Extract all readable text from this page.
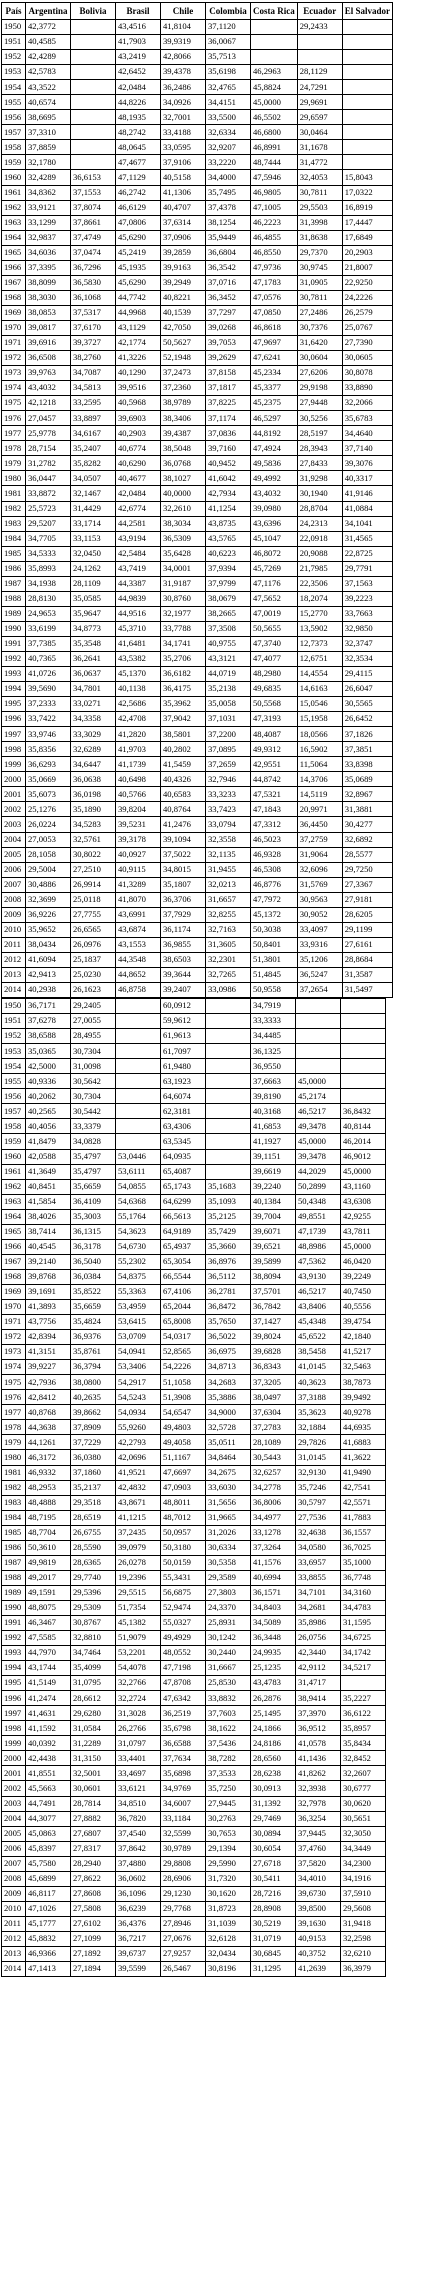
País	Argentina	Bolivia	Brasil	Chile	Colombia	Costa Rica	Ecuador	El Salvador
1950	42,3772		43,4516	41,8104	37,1120		29,2433	
1951	40,4585		41,7903	39,9319	36,0067			
1952	42,4289		43,2419	42,8066	35,7513			
1953	42,5783		42,6452	39,4378	35,6198	46,2963	28,1129	
1954	43,3522		42,0484	36,2486	32,4765	45,8824	24,7291	
1955	40,6574		44,8226	34,0926	34,4151	45,0000	29,9691	
1956	38,6695		48,1935	32,7001	33,5500	46,5502	29,6597	
1957	37,3310		48,2742	33,4188	32,6334	46,6800	30,0464	
1958	37,8859		48,0645	33,0595	32,9207	46,8991	31,1678	
1959	32,1780		47,4677	37,9106	33,2220	48,7444	31,4772	
1960	32,4289	36,6153	47,1129	40,5158	34,4000	47,5946	32,4053	15,8043
1961	34,8362	37,1553	46,2742	41,1306	35,7495	46,9805	30,7811	17,0322
1962	33,9121	37,8074	46,6129	40,4707	37,4378	47,1005	29,5503	16,8919
1963	33,1299	37,8661	47,0806	37,6314	38,1254	46,2223	31,3998	17,4447
1964	32,9837	37,4749	45,6290	37,0906	35,9449	46,4855	31,8638	17,6849
1965	34,6036	37,0474	45,2419	39,2859	36,6804	46,8550	29,7370	20,2903
1966	37,3395	36,7296	45,1935	39,9163	36,3542	47,9736	30,9745	21,8007
1967	38,8099	36,5830	45,6290	39,2949	37,0716	47,1783	31,0905	22,9250
1968	38,3030	36,1068	44,7742	40,8221	36,3452	47,0576	30,7811	24,2226
1969	38,0853	37,5317	44,9968	40,1539	37,7297	47,0850	27,2486	26,2579
1970	39,0817	37,6170	43,1129	42,7050	39,0268	46,8618	30,7376	25,0767
1971	39,6916	39,3727	42,1774	50,5627	39,7053	47,9697	31,6420	27,7390
1972	36,6508	38,2760	41,3226	52,1948	39,2629	47,6241	30,0604	30,0605
1973	39,9763	34,7087	40,1290	37,2473	37,8158	45,2334	27,6206	30,8078
1974	43,4032	34,5813	39,9516	37,2360	37,1817	45,3377	29,9198	33,8890
1975	42,1218	33,2595	40,5968	38,9789	37,8225	45,2375	27,9448	32,2066
1976	27,0457	33,8897	39,6903	38,3406	37,1174	46,5297	30,5256	35,6783
1977	25,9778	34,6167	40,2903	39,4387	37,0836	44,8192	28,5197	34,4640
1978	28,7154	35,2407	40,6774	38,5048	39,7160	47,4924	28,3943	37,7140
1979	31,2782	35,8282	40,6290	36,0768	40,9452	49,5836	27,8433	39,3076
1980	36,0447	34,0507	40,4677	38,1027	41,6042	49,4992	31,9298	40,3317
1981	33,8872	32,1467	42,0484	40,0000	42,7934	43,4032	30,1940	41,9146
1982	25,5723	31,4429	42,6774	32,2610	41,1254	39,0980	28,8704	41,0884
1983	29,5207	33,1714	44,2581	38,3034	43,8735	43,6396	24,2313	34,1041
1984	34,7705	33,1153	43,9194	36,5309	43,5765	45,1047	22,0918	31,4565
1985	34,5333	32,0450	42,5484	35,6428	40,6223	46,8072	20,9088	22,8725
1986	35,8993	24,1262	43,7419	34,0001	37,9394	45,7269	21,7985	29,7791
1987	34,1938	28,1109	44,3387	31,9187	37,9799	47,1176	22,3506	37,1563
1988	28,8130	35,0585	44,9839	30,8760	38,0679	47,5652	18,2074	39,2223
1989	24,9653	35,9647	44,9516	32,1977	38,2665	47,0019	15,2770	33,7663
1990	33,6199	34,8773	45,3710	33,7788	37,3508	50,5655	13,5902	32,9850
1991	37,7385	35,3548	41,6481	34,1741	40,9755	47,3740	12,7373	32,3747
1992	40,7365	36,2641	43,5382	35,2706	43,3121	47,4077	12,6751	32,3534
1993	41,0726	36,0637	45,1370	36,6182	44,0719	48,2980	14,4554	29,4115
1994	39,5690	34,7801	40,1138	36,4175	35,2138	49,6835	14,6163	26,6047
1995	37,2333	33,0271	42,5686	35,3962	35,0058	50,5568	15,0546	30,5565
1996	33,7422	34,3358	42,4708	37,9042	37,1031	47,3193	15,1958	26,6452
1997	33,9746	33,3029	41,2820	38,5801	37,2200	48,4087	18,0566	37,1826
1998	35,8356	32,6289	41,9703	40,2802	37,0895	49,9312	16,5902	37,3851
1999	36,6293	34,6447	41,1739	41,5459	37,2659	42,9551	11,5064	33,8398
2000	35,0669	36,0638	40,6498	40,4326	32,7946	44,8742	14,3706	35,0689
2001	35,6073	36,0198	40,5766	40,6583	33,3233	47,5321	14,5119	32,8967
2002	25,1276	35,1890	39,8204	40,8764	33,7423	47,1843	20,9971	31,3881
2003	26,0224	34,5283	39,5231	41,2476	33,0794	47,3312	36,4450	30,4277
2004	27,0053	32,5761	39,3178	39,1094	32,3558	46,5023	37,2759	32,6892
2005	28,1058	30,8022	40,0927	37,5022	32,1135	46,9328	31,9064	28,5577
2006	29,5004	27,2510	40,9115	34,8015	31,9455	46,5308	32,6096	29,7250
2007	30,4886	26,9914	41,3289	35,1807	32,0213	46,8776	31,5769	27,3367
2008	32,3699	25,0118	41,8070	36,3706	31,6657	47,7972	30,9563	27,9181
2009	36,9226	27,7755	43,6991	37,7929	32,8255	45,1372	30,9052	28,6205
2010	35,9652	26,6565	43,6874	36,1174	32,7163	50,3038	33,4097	29,1199
2011	38,0434	26,0976	43,1553	36,9855	31,3605	50,8401	33,9316	27,6161
2012	41,6094	25,1837	44,3548	38,6503	32,2301	51,3801	35,1206	28,8684
2013	42,9413	25,0230	44,8652	39,3644	32,7265	51,4845	36,5247	31,3587
2014	40,2938	26,1623	46,8758	39,2407	33,0986	50,9558	37,2654	31,5497
1950	36,7171	29,2405		60,0912		34,7919		
1951	37,6278	27,0055		59,9612		33,3333		
1952	38,6588	28,4955		61,9613		34,4485		
1953	35,0365	30,7304		61,7097		36,1325		
1954	42,5000	31,0098		61,9480		36,9550		
1955	40,9336	30,5642		63,1923		37,6663	45,0000	
1956	40,2062	30,7304		64,6074		39,8190	45,2174	
1957	40,2565	30,5442		62,3181		40,3168	46,5217	36,8432
1958	40,4056	33,3379		63,4306		41,6853	49,3478	40,8144
1959	41,8479	34,0828		63,5345		41,1927	45,0000	46,2014
1960	42,0588	35,4797	53,0446	64,0935		39,1151	39,3478	46,9012
1961	41,3649	35,4797	53,6111	65,4087		39,6619	44,2029	45,0000
1962	40,8451	35,6659	54,0855	65,1743	35,1683	39,2240	50,2899	43,1160
1963	41,5854	36,4109	54,6368	64,6299	35,1093	40,1384	50,4348	43,6308
1964	38,4026	35,3003	55,1764	66,5613	35,2125	39,7004	49,8551	42,9255
1965	38,7414	36,1315	54,3623	64,9189	35,7429	39,6071	47,1739	43,7811
1966	40,4545	36,3178	54,6730	65,4937	35,3660	39,6521	48,8986	45,0000
1967	39,2140	36,5040	55,2302	65,3054	36,8976	39,5899	47,5362	46,0420
1968	39,8768	36,0384	54,8375	66,5544	36,5112	38,8094	43,9130	39,2249
1969	39,1691	35,8522	55,3363	67,4106	36,2781	37,5701	46,5217	40,7450
1970	41,3893	35,6659	53,4959	65,2044	36,8472	36,7842	43,8406	40,5556
1971	43,7756	35,4824	53,6415	65,8008	35,7650	37,1427	45,4348	39,4754
1972	42,8394	36,9376	53,0709	54,0317	36,5022	39,8024	45,6522	42,1840
1973	41,3151	35,8761	54,0941	52,8565	36,6975	39,6828	38,5458	41,5217
1974	39,9227	36,3794	53,3406	54,2226	34,8713	36,8343	41,0145	32,5463
1975	42,7936	38,0800	54,2917	51,1058	34,2683	37,3205	40,3623	38,7873
1976	42,8412	40,2635	54,5243	51,3908	35,3886	38,0497	37,3188	39,9492
1977	40,8768	39,8662	54,0934	54,6547	34,9000	37,6304	35,3623	40,9278
1978	44,3638	37,8909	55,9260	49,4803	32,5728	37,2783	32,1884	44,6935
1979	44,1261	37,7229	42,2793	49,4058	35,0511	28,1089	29,7826	41,6883
1980	46,3172	36,0380	42,0696	51,1167	34,8464	30,5443	31,0145	41,3622
1981	46,9332	37,1860	41,9521	47,6697	34,2675	32,6257	32,9130	41,9490
1982	48,2953	35,2137	42,4832	47,0903	33,6030	34,2778	35,7246	42,7541
1983	48,4888	29,3518	43,8671	48,8011	31,5656	36,8006	30,5797	42,5571
1984	48,7195	28,6519	41,1215	48,7012	31,9665	34,4977	27,7536	41,7883
1985	48,7704	26,6755	37,2435	50,0957	31,2026	33,1278	32,4638	36,1557
1986	50,3610	28,5590	39,0979	50,3180	30,6334	37,3264	34,0580	36,7025
1987	49,9819	28,6365	26,0278	50,0159	30,5358	41,1576	33,6957	35,1000
1988	49,2017	29,7740	19,2396	55,3431	29,3589	40,6994	33,8855	36,7748
1989	49,1591	29,5396	29,5515	56,6875	27,3803	36,1571	34,7101	34,3160
1990	48,8075	29,5309	51,7354	52,9474	24,3370	34,8403	34,2681	34,4783
1991	46,3467	30,8767	45,1382	55,0327	25,8931	34,5089	35,8986	31,1595
1992	47,5585	32,8810	51,9079	49,4929	30,1242	36,3448	26,0756	34,6725
1993	44,7970	34,7464	53,2201	48,0552	30,2440	24,9935	42,3440	34,1742
1994	43,1744	35,4099	54,4078	47,7198	31,6667	25,1235	42,9112	34,5217
1995	41,5149	31,0795	32,2766	47,8708	25,8530	43,4783	31,4717	
1996	41,2474	28,6612	32,2724	47,6342	33,8832	26,2876	38,9414	35,2227
1997	41,4631	29,6280	31,3028	36,2519	37,7603	25,1495	37,3970	36,6122
1998	41,1592	31,0584	26,2766	35,6798	38,1622	24,1866	36,9512	35,8957
1999	40,0392	31,2289	31,0797	36,6588	37,5436	24,8186	41,0578	35,8434
2000	42,4438	31,3150	33,4401	37,7634	38,7282	28,6560	41,1436	32,8452
2001	41,8551	32,5001	33,4697	35,6898	37,3533	28,6238	41,8262	32,2607
2002	45,5663	30,0601	33,6121	34,9769	35,7250	30,0913	32,3938	30,6777
2003	44,7491	28,7814	34,8510	34,6007	27,9445	31,1392	32,7978	30,0620
2004	44,3077	27,8882	36,7820	33,1184	30,2763	29,7469	36,3254	30,5651
2005	45,0863	27,6807	37,4540	32,5599	30,7653	30,0894	37,9445	32,3050
2006	45,8397	27,8317	37,8642	30,9789	29,1394	30,6054	37,4760	34,3449
2007	45,7580	28,2940	37,4880	29,8808	29,5990	27,6718	37,5820	34,2300
2008	45,6899	27,8622	36,0602	28,6906	31,7320	30,5411	34,4010	34,1916
2009	46,8117	27,8608	36,1096	29,1230	30,1620	28,7216	39,6730	37,5910
2010	47,1026	27,5808	36,6239	29,7768	31,8723	28,8908	39,8500	29,5608
2011	45,1777	27,6102	36,4376	27,8946	31,1039	30,5219	39,1630	31,9418
2012	45,8832	27,1099	36,7217	27,0676	32,6128	31,0719	40,9153	32,2598
2013	46,9366	27,1892	39,6737	27,9257	32,0434	30,6845	40,3752	32,6210
2014	47,1413	27,1894	39,5599	26,5467	30,8196	31,1295	41,2639	36,3979
